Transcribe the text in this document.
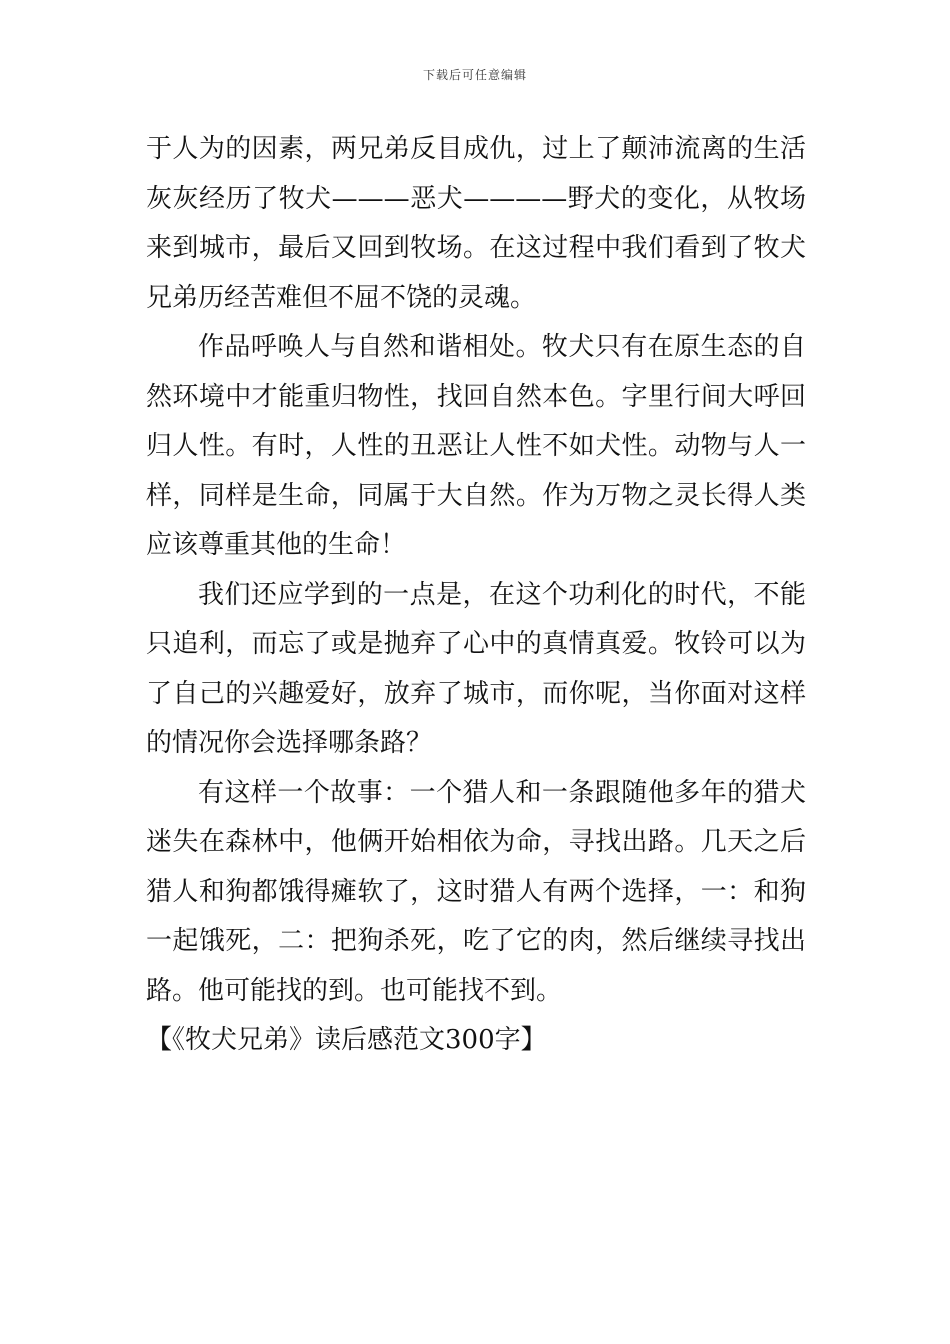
下载后可任意编辑
于人为的因素，两兄弟反目成仇，过上了颠沛流离的生活
灰灰经历了牧犬———恶犬————野犬的变化，从牧场
来到城市，最后又回到牧场。在这过程中我们看到了牧犬
兄弟历经苦难但不屈不饶的灵魂。
作品呼唤人与自然和谐相处。牧犬只有在原生态的自
然环境中才能重归物性，找回自然本色。字里行间大呼回
归人性。有时，人性的丑恶让人性不如犬性。动物与人一
样，同样是生命，同属于大自然。作为万物之灵长得人类
应该尊重其他的生命！
我们还应学到的一点是，在这个功利化的时代，不能
只追利，而忘了或是抛弃了心中的真情真爱。牧铃可以为
了自己的兴趣爱好，放弃了城市，而你呢，当你面对这样
的情况你会选择哪条路？
有这样一个故事：一个猎人和一条跟随他多年的猎犬
迷失在森林中，他俩开始相依为命，寻找出路。几天之后
猎人和狗都饿得瘫软了，这时猎人有两个选择，一：和狗
一起饿死，二：把狗杀死，吃了它的肉，然后继续寻找出
路。他可能找的到。也可能找不到。
【《牧犬兄弟》读后感范文300字】
